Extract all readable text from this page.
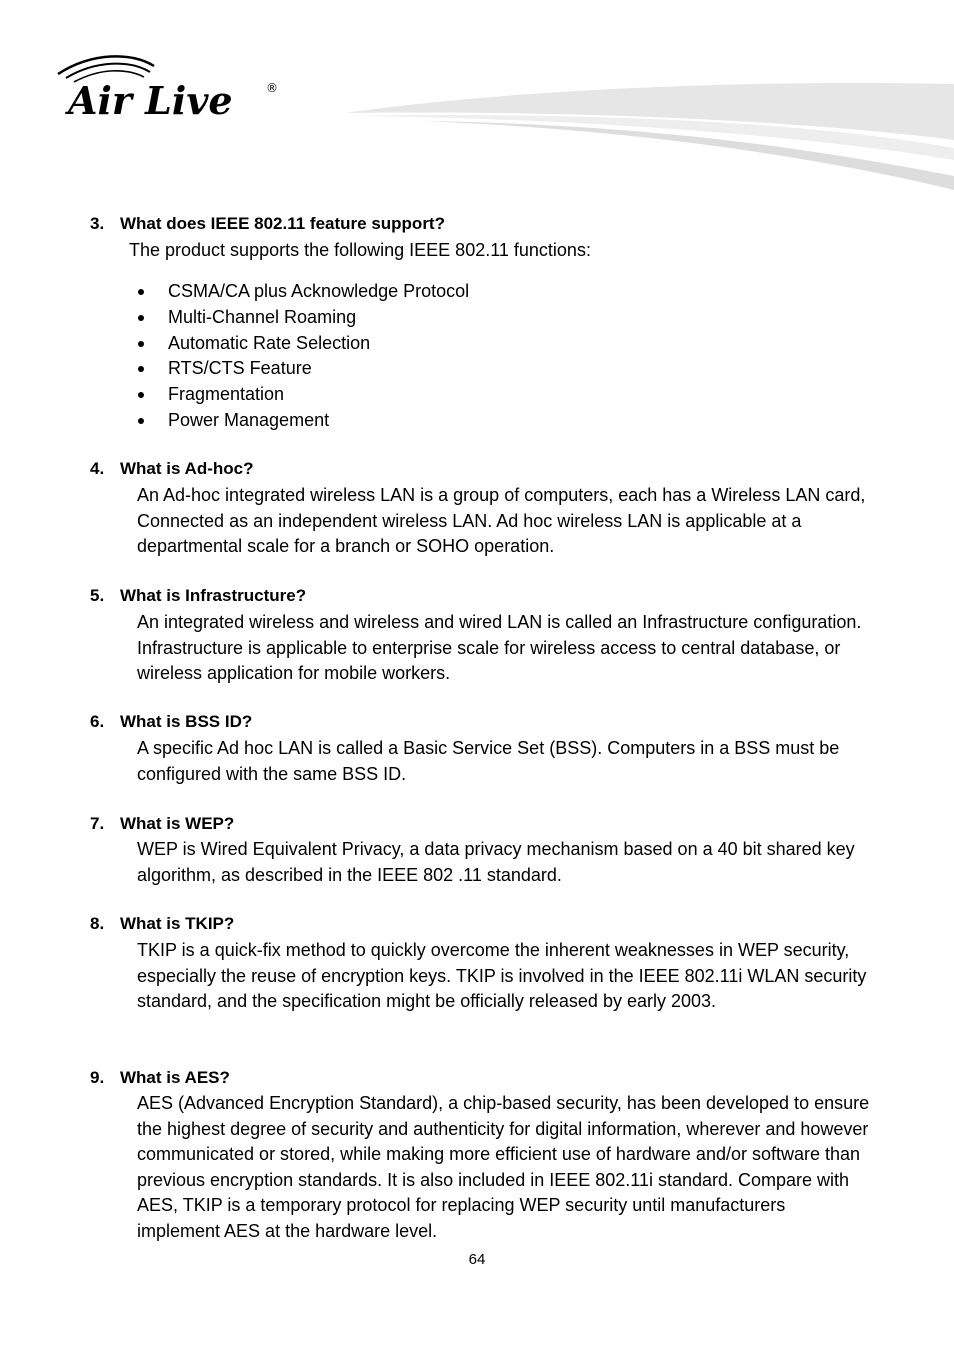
Air Live	®
3. What does IEEE 802.11 feature support?
The product supports the following IEEE 802.11 functions:
CSMA/CA plus Acknowledge Protocol
Multi-Channel Roaming
Automatic Rate Selection
RTS/CTS Feature
Fragmentation
Power Management
4. What is Ad-hoc?
An Ad-hoc integrated wireless LAN is a group of computers, each has a Wireless LAN card, Connected as an independent wireless LAN. Ad hoc wireless LAN is applicable at a departmental scale for a branch or SOHO operation.
5. What is Infrastructure?
An integrated wireless and wireless and wired LAN is called an Infrastructure configuration. Infrastructure is applicable to enterprise scale for wireless access to central database, or wireless application for mobile workers.
6. What is BSS ID?
A specific Ad hoc LAN is called a Basic Service Set (BSS). Computers in a BSS must be configured with the same BSS ID.
7. What is WEP?
WEP is Wired Equivalent Privacy, a data privacy mechanism based on a 40 bit shared key algorithm, as described in the IEEE 802 .11 standard.
8. What is TKIP?
TKIP is a quick-fix method to quickly overcome the inherent weaknesses in WEP security, especially the reuse of encryption keys. TKIP is involved in the IEEE 802.11i WLAN security standard, and the specification might be officially released by early 2003.
9. What is AES?
AES (Advanced Encryption Standard), a chip-based security, has been developed to ensure the highest degree of security and authenticity for digital information, wherever and however communicated or stored, while making more efficient use of hardware and/or software than previous encryption standards. It is also included in IEEE 802.11i standard. Compare with AES, TKIP is a temporary protocol for replacing WEP security until manufacturers implement AES at the hardware level.
64
